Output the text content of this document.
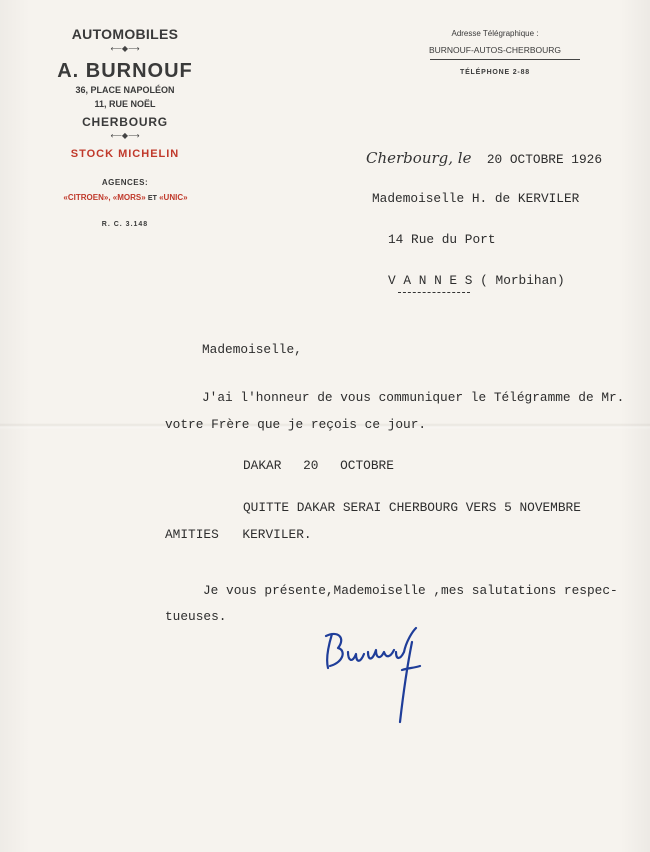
AUTOMOBILES
⟵◆⟶
A. BURNOUF
36, PLACE NAPOLÉON
11, RUE NOËL
CHERBOURG
⟵◆⟶
STOCK MICHELIN
AGENCES:
«CITROEN», «MORS» ET «UNIC»
R. C. 3.148
Adresse Télégraphique :
BURNOUF-AUTOS-CHERBOURG
TÉLÉPHONE 2-88
Cherbourg, le 20 OCTOBRE 1926
Mademoiselle H. de KERVILER
14 Rue du Port
V A N N E S ( Morbihan)
Mademoiselle,
J'ai l'honneur de vous communiquer le Télégramme de Mr.
votre Frère que je reçois ce jour.
DAKAR 20 OCTOBRE
QUITTE DAKAR SERAI CHERBOURG VERS 5 NOVEMBRE
AMITIES KERVILER.
Je vous présente,Mademoiselle ,mes salutations respec-
tueuses.
